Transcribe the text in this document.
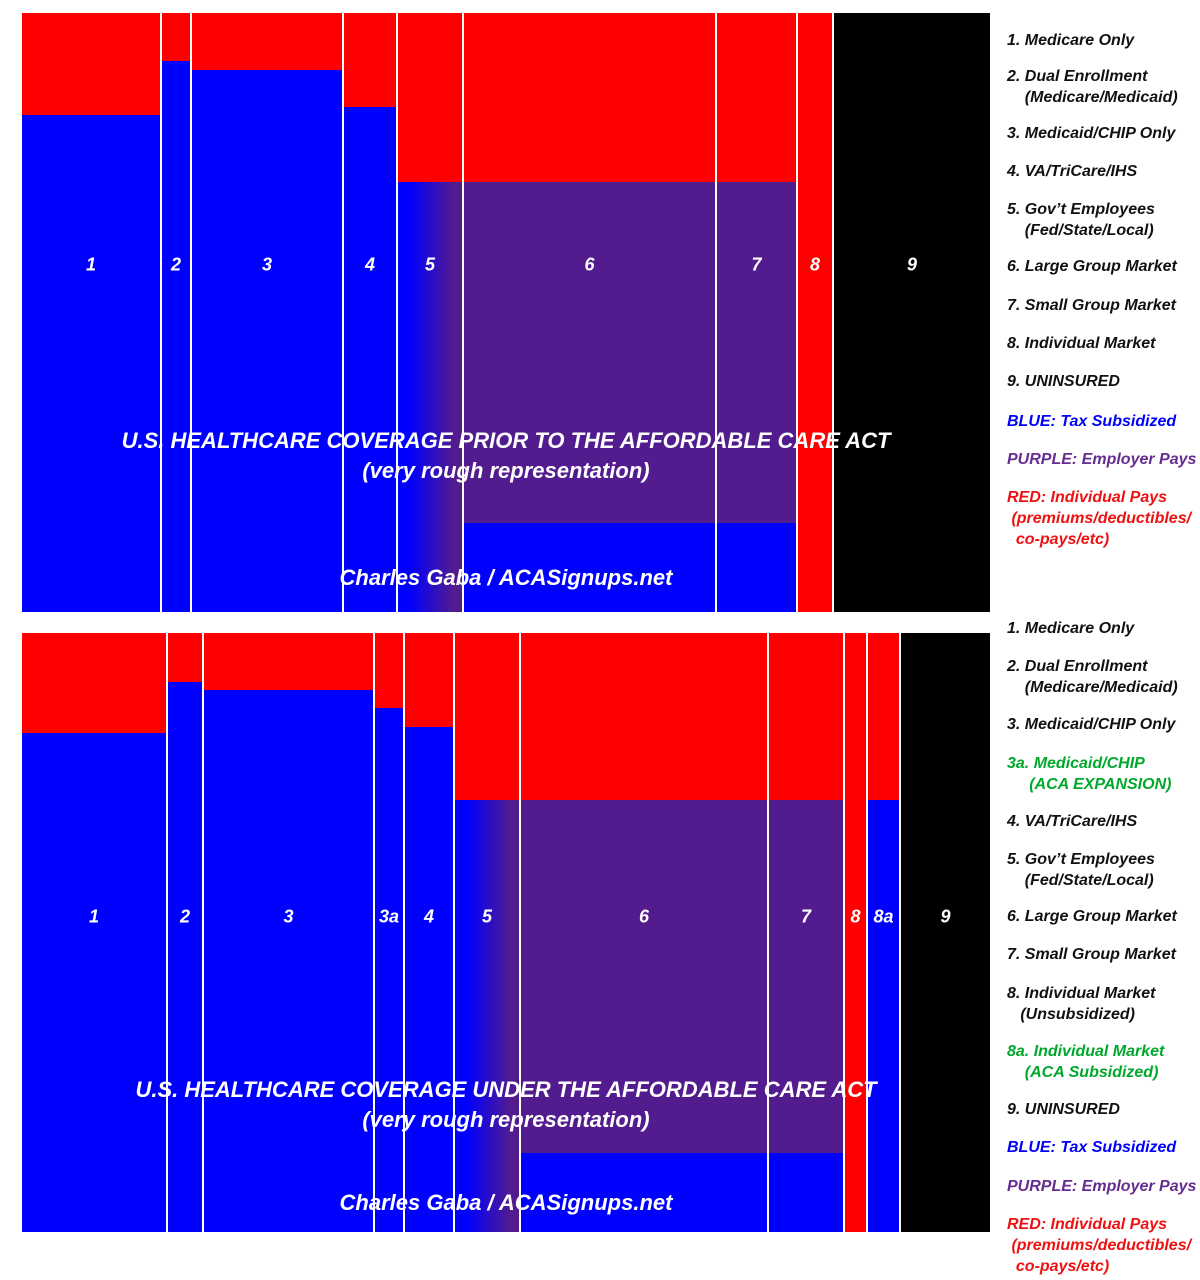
1	2	3	4	5	6	7	8	9
1	2	3	3a	4	5	6	7	8 8a	9
U.S. HEALTHCARE COVERAGE PRIOR TO THE AFFORDABLE CARE ACT
(very rough representation)
Charles Gaba / ACASignups.net
U.S. HEALTHCARE COVERAGE UNDER THE AFFORDABLE CARE ACT
(very rough representation)
Charles Gaba / ACASignups.net
1. Medicare Only
2. Dual Enrollment
(Medicare/Medicaid)
3. Medicaid/CHIP Only
4. VA/TriCare/IHS
5. Gov’t Employees
(Fed/State/Local)
6. Large Group Market
7. Small Group Market
8. Individual Market
9. UNINSURED
BLUE: Tax Subsidized
PURPLE: Employer Pays
RED: Individual Pays
(premiums/deductibles/
co-pays/etc)
1. Medicare Only
2. Dual Enrollment
(Medicare/Medicaid)
3. Medicaid/CHIP Only
3a. Medicaid/CHIP
(ACA EXPANSION)
4. VA/TriCare/IHS
5. Gov’t Employees
(Fed/State/Local)
6. Large Group Market
7. Small Group Market
8. Individual Market
(Unsubsidized)
8a. Individual Market
(ACA Subsidized)
9. UNINSURED
BLUE: Tax Subsidized
PURPLE: Employer Pays
RED: Individual Pays
(premiums/deductibles/
co-pays/etc)
